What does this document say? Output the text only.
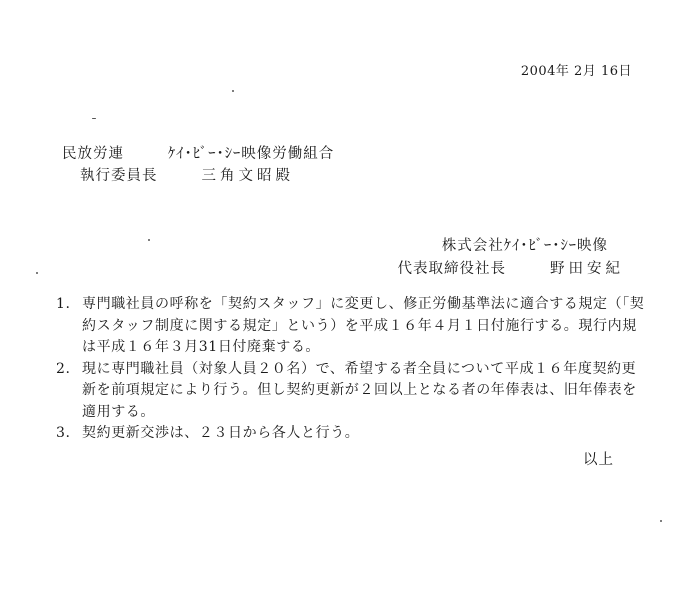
2004年 2月 16日
民放労連	ｹｲ･ﾋﾞｰ･ｼｰ映像労働組合
執行委員長	三角文昭殿
株式会社ｹｲ･ﾋﾞｰ･ｼｰ映像
代表取締役社長	野田安紀
1. 専門職社員の呼称を「契約スタッフ」に変更し、修正労働基準法に適合する規定（「契約スタッフ制度に関する規定」という）を平成１６年４月１日付施行する。現行内規は平成１６年３月31日付廃棄する。
2. 現に専門職社員（対象人員２０名）で、希望する者全員について平成１６年度契約更新を前項規定により行う。但し契約更新が２回以上となる者の年俸表は、旧年俸表を適用する。
3. 契約更新交渉は、２３日から各人と行う。
以上
